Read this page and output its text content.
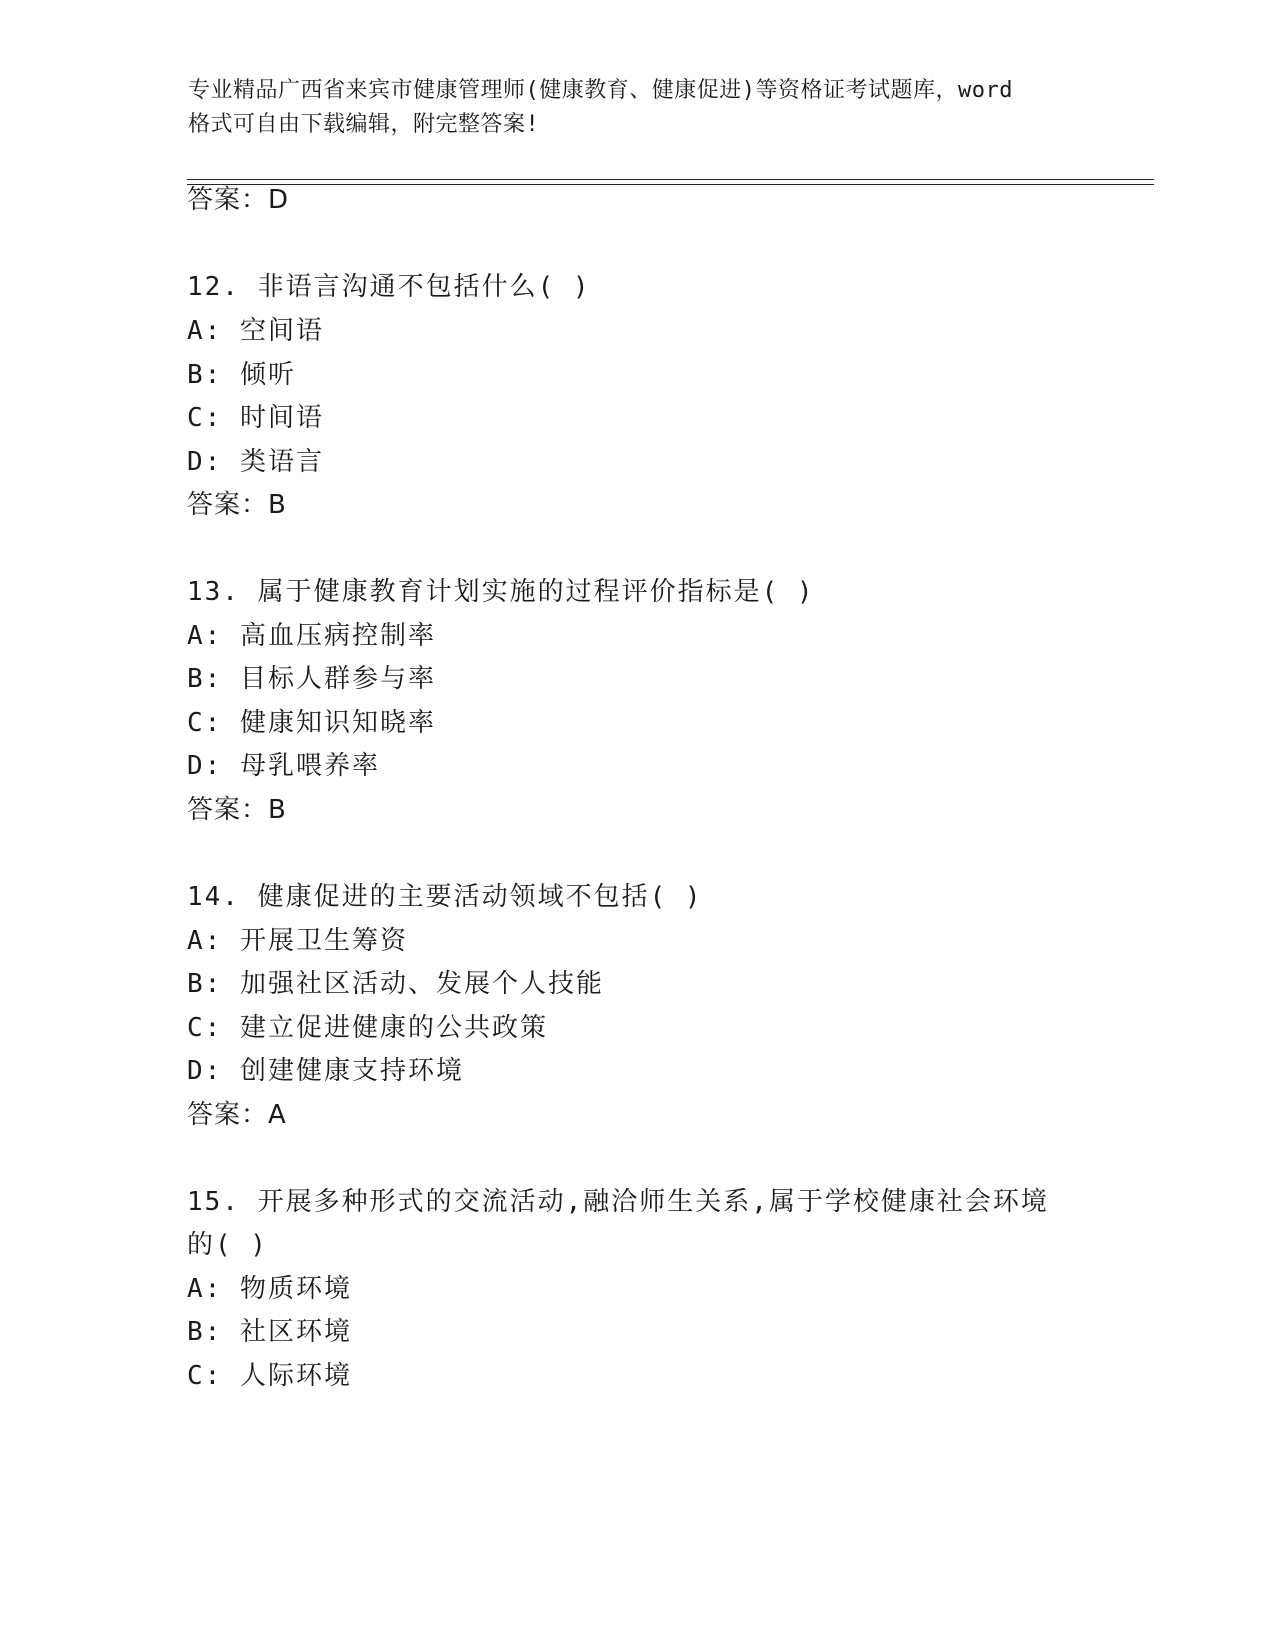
专业精品广西省来宾市健康管理师(健康教育、健康促进)等资格证考试题库，word
格式可自由下载编辑，附完整答案!
答案：D
12. 非语言沟通不包括什么( )
A: 空间语
B: 倾听
C: 时间语
D: 类语言
答案：B
13. 属于健康教育计划实施的过程评价指标是( )
A: 高血压病控制率
B: 目标人群参与率
C: 健康知识知晓率
D: 母乳喂养率
答案：B
14. 健康促进的主要活动领域不包括( )
A: 开展卫生筹资
B: 加强社区活动、发展个人技能
C: 建立促进健康的公共政策
D: 创建健康支持环境
答案：A
15. 开展多种形式的交流活动,融洽师生关系,属于学校健康社会环境
的( )
A: 物质环境
B: 社区环境
C: 人际环境
